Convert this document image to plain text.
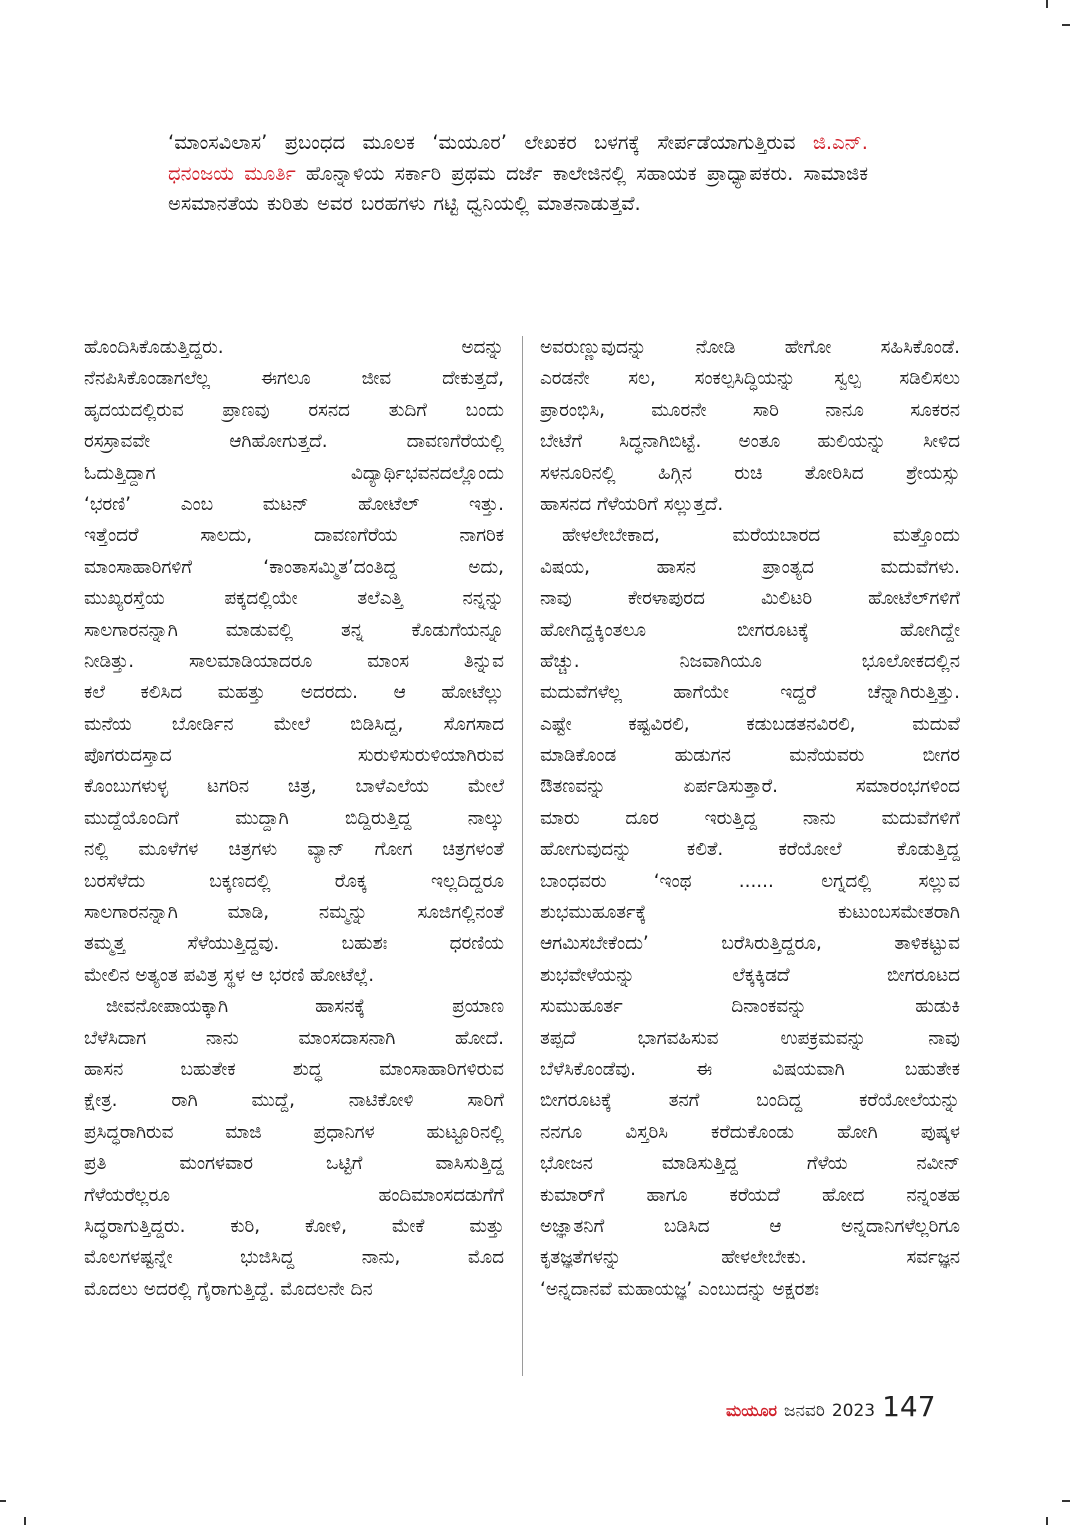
‘ಮಾಂಸವಿಲಾಸ’ ಪ್ರಬಂಧದ ಮೂಲಕ ‘ಮಯೂರ’ ಲೇಖಕರ ಬಳಗಕ್ಕೆ ಸೇರ್ಪಡೆಯಾಗುತ್ತಿರುವ ಜಿ.ಎನ್. ಧನಂಜಯ ಮೂರ್ತಿ ಹೊನ್ನಾಳಿಯ ಸರ್ಕಾರಿ ಪ್ರಥಮ ದರ್ಜೆ ಕಾಲೇಜಿನಲ್ಲಿ ಸಹಾಯಕ ಪ್ರಾಧ್ಯಾಪಕರು. ಸಾಮಾಜಿಕ ಅಸಮಾನತೆಯ ಕುರಿತು ಅವರ ಬರಹಗಳು ಗಟ್ಟಿ ಧ್ವನಿಯಲ್ಲಿ ಮಾತನಾಡುತ್ತವೆ.
ಹೊಂದಿಸಿಕೊಡುತ್ತಿದ್ದರು. ಅದನ್ನು
ನೆನಪಿಸಿಕೊಂಡಾಗಲೆಲ್ಲ ಈಗಲೂ ಜೀವ ದೇಕುತ್ತದೆ,
ಹೃದಯದಲ್ಲಿರುವ ಪ್ರಾಣವು ರಸನದ ತುದಿಗೆ ಬಂದು
ರಸಸ್ರಾವವೇ ಆಗಿಹೋಗುತ್ತದೆ. ದಾವಣಗೆರೆಯಲ್ಲಿ
ಓದುತ್ತಿದ್ದಾಗ ವಿದ್ಯಾರ್ಥಿಭವನದಲ್ಲೊಂದು
‘ಭರಣಿ’ ಎಂಬ ಮಟನ್ ಹೋಟೆಲ್ ಇತ್ತು.
ಇತ್ತೆಂದರೆ ಸಾಲದು, ದಾವಣಗೆರೆಯ ನಾಗರಿಕ
ಮಾಂಸಾಹಾರಿಗಳಿಗೆ ‘ಕಾಂತಾಸಮ್ಮಿತ’ದಂತಿದ್ದ ಅದು,
ಮುಖ್ಯರಸ್ತೆಯ ಪಕ್ಕದಲ್ಲಿಯೇ ತಲೆಎತ್ತಿ ನನ್ನನ್ನು
ಸಾಲಗಾರನನ್ನಾಗಿ ಮಾಡುವಲ್ಲಿ ತನ್ನ ಕೊಡುಗೆಯನ್ನೂ
ನೀಡಿತ್ತು. ಸಾಲಮಾಡಿಯಾದರೂ ಮಾಂಸ ತಿನ್ನುವ
ಕಲೆ ಕಲಿಸಿದ ಮಹತ್ತು ಅದರದು. ಆ ಹೋಟೆಲ್ಲು
ಮನೆಯ ಬೋರ್ಡಿನ ಮೇಲೆ ಬಿಡಿಸಿದ್ದ, ಸೊಗಸಾದ
ಪೊಗರುದಸ್ತಾದ ಸುರುಳಿಸುರುಳಿಯಾಗಿರುವ
ಕೊಂಬುಗಳುಳ್ಳ ಟಗರಿನ ಚಿತ್ರ, ಬಾಳೆಎಲೆಯ ಮೇಲೆ
ಮುದ್ದೆಯೊಂದಿಗೆ ಮುದ್ದಾಗಿ ಬಿದ್ದಿರುತ್ತಿದ್ದ ನಾಲ್ಕು
ನಲ್ಲಿ ಮೂಳೆಗಳ ಚಿತ್ರಗಳು ವ್ಯಾನ್ ಗೋಗ ಚಿತ್ರಗಳಂತೆ
ಬರಸೆಳೆದು ಬಕ್ಕಣದಲ್ಲಿ ರೊಕ್ಕ ಇಲ್ಲದಿದ್ದರೂ
ಸಾಲಗಾರನನ್ನಾಗಿ ಮಾಡಿ, ನಮ್ಮನ್ನು ಸೂಜಿಗಲ್ಲಿನಂತೆ
ತಮ್ಮತ್ತ ಸೆಳೆಯುತ್ತಿದ್ದವು. ಬಹುಶಃ ಧರಣಿಯ
ಮೇಲಿನ ಅತ್ಯಂತ ಪವಿತ್ರ ಸ್ಥಳ ಆ ಭರಣಿ ಹೋಟೆಲ್ಲೆ.
ಜೀವನೋಪಾಯಕ್ಕಾಗಿ ಹಾಸನಕ್ಕೆ ಪ್ರಯಾಣ
ಬೆಳೆಸಿದಾಗ ನಾನು ಮಾಂಸದಾಸನಾಗಿ ಹೋದೆ.
ಹಾಸನ ಬಹುತೇಕ ಶುದ್ಧ ಮಾಂಸಾಹಾರಿಗಳಿರುವ
ಕ್ಷೇತ್ರ. ರಾಗಿ ಮುದ್ದೆ, ನಾಟಿಕೋಳಿ ಸಾರಿಗೆ
ಪ್ರಸಿದ್ಧರಾಗಿರುವ ಮಾಜಿ ಪ್ರಧಾನಿಗಳ ಹುಟ್ಟೂರಿನಲ್ಲಿ
ಪ್ರತಿ ಮಂಗಳವಾರ ಒಟ್ಟಿಗೆ ವಾಸಿಸುತ್ತಿದ್ದ
ಗೆಳೆಯರೆಲ್ಲರೂ ಹಂದಿಮಾಂಸದಡುಗೆಗೆ
ಸಿದ್ಧರಾಗುತ್ತಿದ್ದರು. ಕುರಿ, ಕೋಳಿ, ಮೇಕೆ ಮತ್ತು
ಮೊಲಗಳಷ್ಟನ್ನೇ ಭುಜಿಸಿದ್ದ ನಾನು, ಮೊದ
ಮೊದಲು ಅದರಲ್ಲಿ ಗೈರಾಗುತ್ತಿದ್ದೆ. ಮೊದಲನೇ ದಿನ
ಅವರುಣ್ಣುವುದನ್ನು ನೋಡಿ ಹೇಗೋ ಸಹಿಸಿಕೊಂಡೆ.
ಎರಡನೇ ಸಲ, ಸಂಕಲ್ಪಸಿದ್ಧಿಯನ್ನು ಸ್ವಲ್ಪ ಸಡಿಲಿಸಲು
ಪ್ರಾರಂಭಿಸಿ, ಮೂರನೇ ಸಾರಿ ನಾನೂ ಸೂಕರನ
ಬೇಟೆಗೆ ಸಿದ್ಧನಾಗಿಬಿಟ್ಟೆ. ಅಂತೂ ಹುಲಿಯನ್ನು ಸೀಳಿದ
ಸಳನೂರಿನಲ್ಲಿ ಹಿಗ್ಗಿನ ರುಚಿ ತೋರಿಸಿದ ಶ್ರೇಯಸ್ಸು
ಹಾಸನದ ಗೆಳೆಯರಿಗೆ ಸಲ್ಲುತ್ತದೆ.
ಹೇಳಲೇಬೇಕಾದ, ಮರೆಯಬಾರದ ಮತ್ತೊಂದು
ವಿಷಯ, ಹಾಸನ ಪ್ರಾಂತ್ಯದ ಮದುವೆಗಳು.
ನಾವು ಕೇರಳಾಪುರದ ಮಿಲಿಟರಿ ಹೋಟೆಲ್‌ಗಳಿಗೆ
ಹೋಗಿದ್ದಕ್ಕಿಂತಲೂ ಬೀಗರೂಟಕ್ಕೆ ಹೋಗಿದ್ದೇ
ಹೆಚ್ಚು. ನಿಜವಾಗಿಯೂ ಭೂಲೋಕದಲ್ಲಿನ
ಮದುವೆಗಳೆಲ್ಲ ಹಾಗೆಯೇ ಇದ್ದರೆ ಚೆನ್ನಾಗಿರುತ್ತಿತ್ತು.
ಎಷ್ಟೇ ಕಷ್ಟವಿರಲಿ, ಕಡುಬಡತನವಿರಲಿ, ಮದುವೆ
ಮಾಡಿಕೊಂಡ ಹುಡುಗನ ಮನೆಯವರು ಬೀಗರ
ಔತಣವನ್ನು ಏರ್ಪಡಿಸುತ್ತಾರೆ. ಸಮಾರಂಭಗಳಿಂದ
ಮಾರು ದೂರ ಇರುತ್ತಿದ್ದ ನಾನು ಮದುವೆಗಳಿಗೆ
ಹೋಗುವುದನ್ನು ಕಲಿತೆ. ಕರೆಯೋಲೆ ಕೊಡುತ್ತಿದ್ದ
ಬಾಂಧವರು ‘ಇಂಥ ...... ಲಗ್ನದಲ್ಲಿ ಸಲ್ಲುವ
ಶುಭಮುಹೂರ್ತಕ್ಕೆ ಕುಟುಂಬಸಮೇತರಾಗಿ
ಆಗಮಿಸಬೇಕೆಂದು’ ಬರೆಸಿರುತ್ತಿದ್ದರೂ, ತಾಳಿಕಟ್ಟುವ
ಶುಭವೇಳೆಯನ್ನು ಲೆಕ್ಕಕ್ಕಿಡದೆ ಬೀಗರೂಟದ
ಸುಮುಹೂರ್ತ ದಿನಾಂಕವನ್ನು ಹುಡುಕಿ
ತಪ್ಪದೆ ಭಾಗವಹಿಸುವ ಉಪಕ್ರಮವನ್ನು ನಾವು
ಬೆಳೆಸಿಕೊಂಡೆವು. ಈ ವಿಷಯವಾಗಿ ಬಹುತೇಕ
ಬೀಗರೂಟಕ್ಕೆ ತನಗೆ ಬಂದಿದ್ದ ಕರೆಯೋಲೆಯನ್ನು
ನನಗೂ ವಿಸ್ತರಿಸಿ ಕರೆದುಕೊಂಡು ಹೋಗಿ ಪುಷ್ಕಳ
ಭೋಜನ ಮಾಡಿಸುತ್ತಿದ್ದ ಗೆಳೆಯ ನವೀನ್
ಕುಮಾರ್‌ಗೆ ಹಾಗೂ ಕರೆಯದೆ ಹೋದ ನನ್ನಂತಹ
ಅಜ್ಞಾತನಿಗೆ ಬಡಿಸಿದ ಆ ಅನ್ನದಾನಿಗಳೆಲ್ಲರಿಗೂ
ಕೃತಜ್ಞತೆಗಳನ್ನು ಹೇಳಲೇಬೇಕು. ಸರ್ವಜ್ಞನ
‘ಅನ್ನದಾನವೆ ಮಹಾಯಜ್ಞ’ ಎಂಬುದನ್ನು ಅಕ್ಷರಶಃ
ಮಯೂರ ಜನವರಿ 2023 147
